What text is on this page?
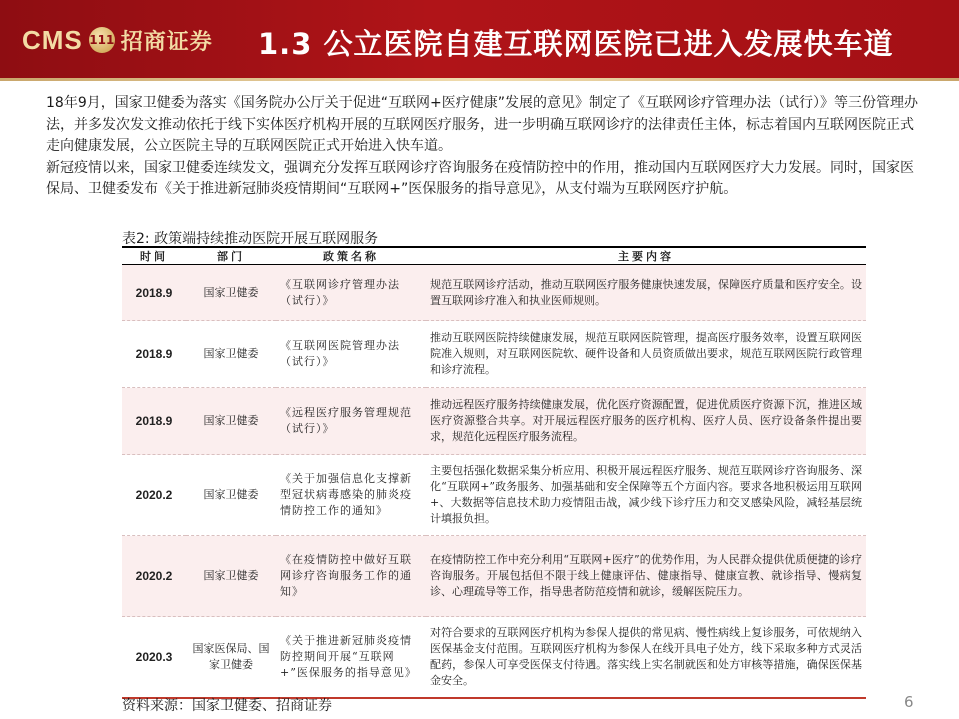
CMS 111 招商证券 1.3 公立医院自建互联网医院已进入发展快车道

18年9月，国家卫健委为落实《国务院办公厅关于促进“互联网+医疗健康”发展的意见》制定了《互联网诊疗管理办法（试行）》等三份管理办法，并多发次发文推动依托于线下实体医疗机构开展的互联网医疗服务，进一步明确互联网诊疗的法律责任主体，标志着国内互联网医院正式走向健康发展，公立医院主导的互联网医院正式开始进入快车道。

新冠疫情以来，国家卫健委连续发文，强调充分发挥互联网诊疗咨询服务在疫情防控中的作用，推动国内互联网医疗大力发展。同时，国家医保局、卫健委发布《关于推进新冠肺炎疫情期间“互联网+”医保服务的指导意见》，从支付端为互联网医疗护航。

表2: 政策端持续推动医院开展互联网服务
时间	部门	政策名称	主要内容
2018.9	国家卫健委	《互联网诊疗管理办法（试行）》	规范互联网诊疗活动，推动互联网医疗服务健康快速发展，保障医疗质量和医疗安全。设置互联网诊疗准入和执业医师规则。
2018.9	国家卫健委	《互联网医院管理办法（试行）》	推动互联网医院持续健康发展，规范互联网医院管理，提高医疗服务效率，设置互联网医院准入规则，对互联网医院软、硬件设备和人员资质做出要求，规范互联网医院行政管理和诊疗流程。
2018.9	国家卫健委	《远程医疗服务管理规范（试行）》	推动远程医疗服务持续健康发展，优化医疗资源配置，促进优质医疗资源下沉，推进区域医疗资源整合共享。对开展远程医疗服务的医疗机构、医疗人员、医疗设备条件提出要求，规范化远程医疗服务流程。
2020.2	国家卫健委	《关于加强信息化支撑新型冠状病毒感染的肺炎疫情防控工作的通知》	主要包括强化数据采集分析应用、积极开展远程医疗服务、规范互联网诊疗咨询服务、深化“互联网+”政务服务、加强基础和安全保障等五个方面内容。要求各地积极运用互联网+、大数据等信息技术助力疫情阻击战，减少线下诊疗压力和交叉感染风险，减轻基层统计填报负担。
2020.2	国家卫健委	《在疫情防控中做好互联网诊疗咨询服务工作的通知》	在疫情防控工作中充分利用“互联网+医疗”的优势作用，为人民群众提供优质便捷的诊疗咨询服务。开展包括但不限于线上健康评估、健康指导、健康宣教、就诊指导、慢病复诊、心理疏导等工作，指导患者防范疫情和就诊，缓解医院压力。
2020.3	国家医保局、国家卫健委	《关于推进新冠肺炎疫情防控期间开展“互联网+”医保服务的指导意见》	对符合要求的互联网医疗机构为参保人提供的常见病、慢性病线上复诊服务，可依规纳入医保基金支付范围。互联网医疗机构为参保人在线开具电子处方，线下采取多种方式灵活配药，参保人可享受医保支付待遇。落实线上实名制就医和处方审核等措施，确保医保基金安全。
资料来源：国家卫健委、招商证券	6
